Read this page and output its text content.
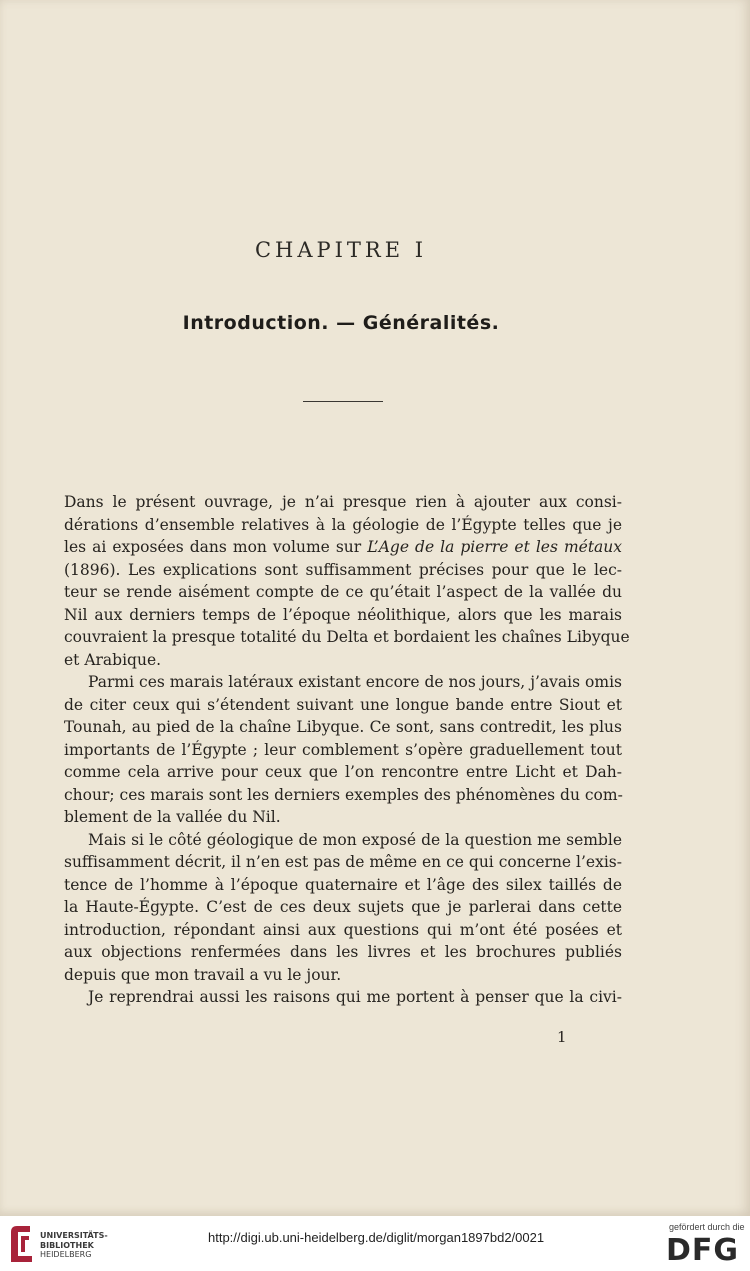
CHAPITRE I
Introduction. — Généralités.
Dans le présent ouvrage, je n’ai presque rien à ajouter aux consi-
dérations d’ensemble relatives à la géologie de l’Égypte telles que je
les ai exposées dans mon volume sur L’Age de la pierre et les métaux
(1896). Les explications sont suffisamment précises pour que le lec-
teur se rende aisément compte de ce qu’était l’aspect de la vallée du
Nil aux derniers temps de l’époque néolithique, alors que les marais
couvraient la presque totalité du Delta et bordaient les chaînes Libyque
et Arabique.
Parmi ces marais latéraux existant encore de nos jours, j’avais omis
de citer ceux qui s’étendent suivant une longue bande entre Siout et
Tounah, au pied de la chaîne Libyque. Ce sont, sans contredit, les plus
importants de l’Égypte ; leur comblement s’opère graduellement tout
comme cela arrive pour ceux que l’on rencontre entre Licht et Dah-
chour; ces marais sont les derniers exemples des phénomènes du com-
blement de la vallée du Nil.
Mais si le côté géologique de mon exposé de la question me semble
suffisamment décrit, il n’en est pas de même en ce qui concerne l’exis-
tence de l’homme à l’époque quaternaire et l’âge des silex taillés de
la Haute-Égypte. C’est de ces deux sujets que je parlerai dans cette
introduction, répondant ainsi aux questions qui m’ont été posées et
aux objections renfermées dans les livres et les brochures publiés
depuis que mon travail a vu le jour.
Je reprendrai aussi les raisons qui me portent à penser que la civi-
1
UNIVERSITÄTS-
BIBLIOTHEK
HEIDELBERG
http://digi.ub.uni-heidelberg.de/diglit/morgan1897bd2/0021
gefördert durch die
DFG
